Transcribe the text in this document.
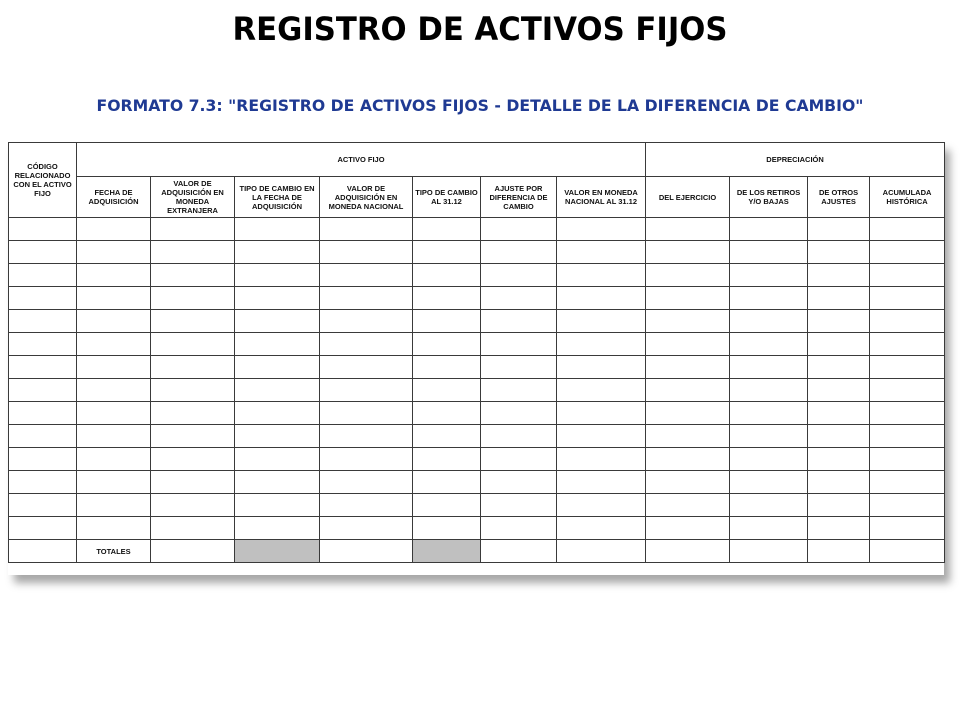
REGISTRO DE ACTIVOS FIJOS
FORMATO 7.3: "REGISTRO DE ACTIVOS FIJOS - DETALLE DE LA DIFERENCIA DE CAMBIO"
CÓDIGO RELACIONADO CON EL ACTIVO FIJO	ACTIVO FIJO							DEPRECIACIÓN			
	FECHA DE ADQUISICIÓN	VALOR DE ADQUISICIÓN EN MONEDA EXTRANJERA	TIPO DE CAMBIO EN LA FECHA DE ADQUISICIÓN	VALOR DE ADQUISICIÓN EN MONEDA NACIONAL	TIPO DE CAMBIO AL 31.12	AJUSTE POR DIFERENCIA DE CAMBIO	VALOR EN MONEDA NACIONAL AL 31.12	DEL EJERCICIO	DE LOS RETIROS Y/O BAJAS	DE OTROS AJUSTES	ACUMULADA HISTÓRICA

	TOTALES										
